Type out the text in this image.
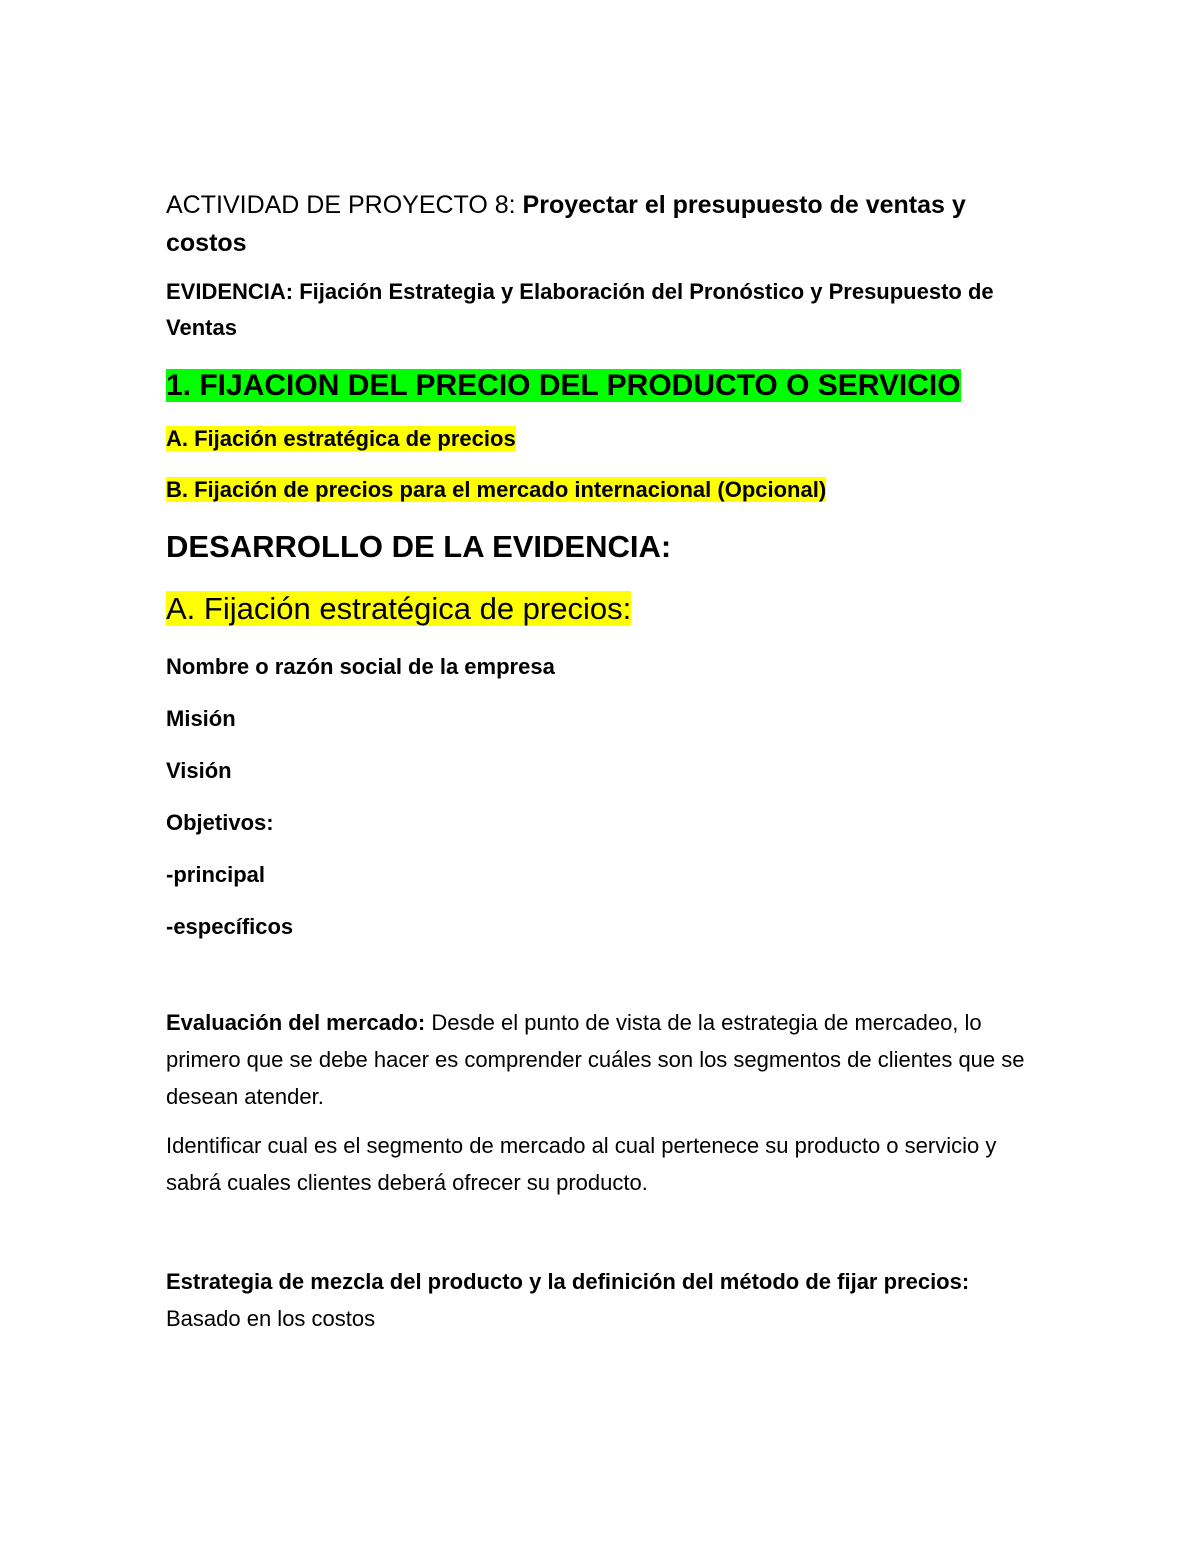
ACTIVIDAD DE PROYECTO 8: Proyectar el presupuesto de ventas y costos

EVIDENCIA: Fijación Estrategia y Elaboración del Pronóstico y Presupuesto de Ventas

1. FIJACION DEL PRECIO DEL PRODUCTO O SERVICIO

A. Fijación estratégica de precios

B. Fijación de precios para el mercado internacional (Opcional)

DESARROLLO DE LA EVIDENCIA:

A. Fijación estratégica de precios:

Nombre o razón social de la empresa

Misión

Visión

Objetivos:

-principal

-específicos

Evaluación del mercado: Desde el punto de vista de la estrategia de mercadeo, lo primero que se debe hacer es comprender cuáles son los segmentos de clientes que se desean atender.

Identificar cual es el segmento de mercado al cual pertenece su producto o servicio y sabrá cuales clientes deberá ofrecer su producto.

Estrategia de mezcla del producto y la definición del método de fijar precios: Basado en los costos
